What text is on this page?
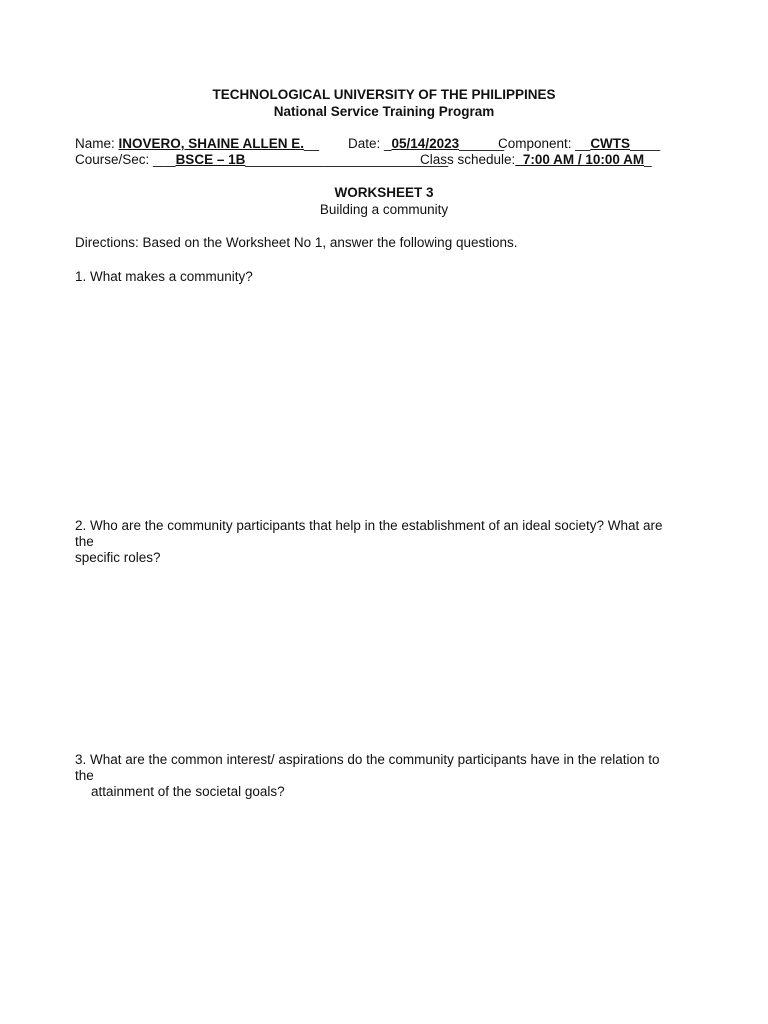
TECHNOLOGICAL UNIVERSITY OF THE PHILIPPINES
National Service Training Program
Name: INOVERO, SHAINE ALLEN E.__ Date: _05/14/2023______
Component: __CWTS____
Course/Sec: ___BSCE – 1B___________________________
Class schedule:_7:00 AM / 10:00 AM_
WORKSHEET 3
Building a community
Directions: Based on the Worksheet No 1, answer the following questions.
1. What makes a community?
2. Who are the community participants that help in the establishment of an ideal society? What are the
specific roles?
3. What are the common interest/ aspirations do the community participants have in the relation to the
attainment of the societal goals?
